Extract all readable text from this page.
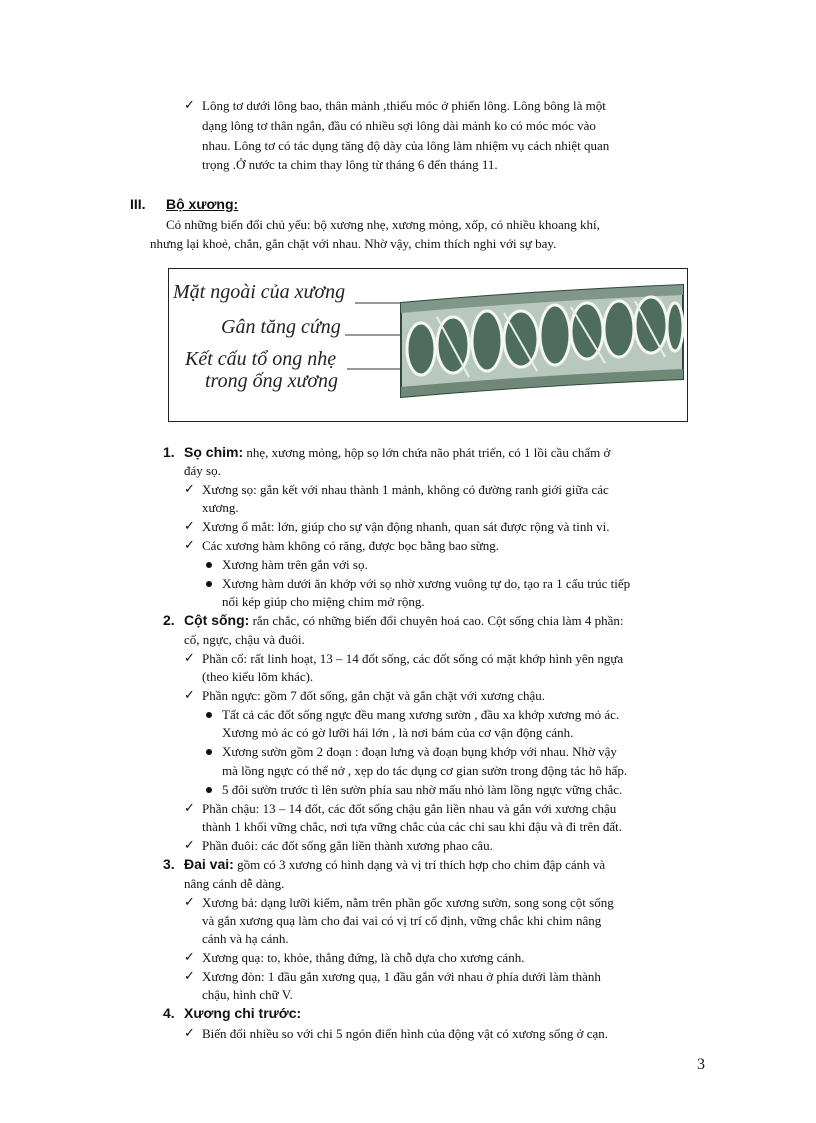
✓ Lông tơ dưới lông bao, thân mảnh ,thiếu móc ở phiến lông. Lông bông là một
dạng lông tơ thân ngắn, đầu có nhiều sợi lông dài mảnh ko có móc móc vào
nhau. Lông tơ có tác dụng tăng độ dày của lông làm nhiệm vụ cách nhiệt quan
trọng .Ở nước ta chim thay lông từ tháng 6 đến tháng 11.
III. Bộ xương:
Có những biến đổi chủ yếu: bộ xương nhẹ, xương mỏng, xốp, có nhiều khoang khí,
nhưng lại khoẻ, chắn, gắn chặt với nhau. Nhờ vậy, chim thích nghi với sự bay.
Mặt ngoài của xương
Gân tăng cứng
Kết cấu tổ ong nhẹ
trong ống xương
1. Sọ chim: nhẹ, xương mỏng, hộp sọ lớn chứa não phát triển, có 1 lồi cầu chẩm ở
đáy sọ.
✓ Xương sọ: gắn kết với nhau thành 1 mảnh, không có đường ranh giới giữa các
xương.
✓ Xương ổ mắt: lớn, giúp cho sự vận động nhanh, quan sát được rộng và tinh vi.
✓ Các xương hàm không có răng, được bọc bằng bao sừng.
Xương hàm trên gắn với sọ.
Xương hàm dưới ăn khớp với sọ nhờ xương vuông tự do, tạo ra 1 cấu trúc tiếp
nối kép giúp cho miệng chim mở rộng.
2. Cột sống: rắn chắc, có những biến đổi chuyên hoá cao. Cột sống chia làm 4 phần:
cổ, ngực, chậu và đuôi.
✓ Phần cổ: rất linh hoạt, 13 – 14 đốt sống, các đốt sống có mặt khớp hình yên ngựa
(theo kiểu lõm khác).
✓ Phần ngực: gồm 7 đốt sống, gắn chặt và gắn chặt với xương chậu.
Tất cả các đốt sống ngực đều mang xương sườn , đầu xa khớp xương mỏ ác.
Xương mỏ ác có gờ lưỡi hái lớn , là nơi bám của cơ vận động cánh.
Xương sườn gồm 2 đoạn : đoạn lưng và đoạn bụng khớp với nhau. Nhờ vậy
mà lồng ngực có thể nở , xẹp do tác dụng cơ gian sườn trong động tác hô hấp.
5 đôi sườn trước tì lên sườn phía sau nhờ mấu nhỏ làm lồng ngực vững chắc.
✓ Phần chậu: 13 – 14 đốt, các đốt sống chậu gắn liền nhau và gắn với xương chậu
thành 1 khối vững chắc, nơi tựa vững chắc của các chi sau khi đậu và đi trên đất.
✓ Phần đuôi: các đốt sống gắn liền thành xương phao câu.
3. Đai vai: gồm có 3 xương có hình dạng và vị trí thích hợp cho chim đập cánh và
nâng cánh dễ dàng.
✓ Xương bả: dạng lưỡi kiếm, nằm trên phần gốc xương sườn, song song cột sống
và gắn xương quạ làm cho đai vai có vị trí cố định, vững chắc khi chim nâng
cánh và hạ cánh.
✓ Xương quạ: to, khỏe, thẳng đứng, là chỗ dựa cho xương cánh.
✓ Xương đòn: 1 đầu gắn xương quạ, 1 đầu gắn với nhau ở phía dưới làm thành
chậu, hình chữ V.
4. Xương chi trước:
✓ Biến đổi nhiều so với chi 5 ngón điển hình của động vật có xương sống ở cạn.
3
